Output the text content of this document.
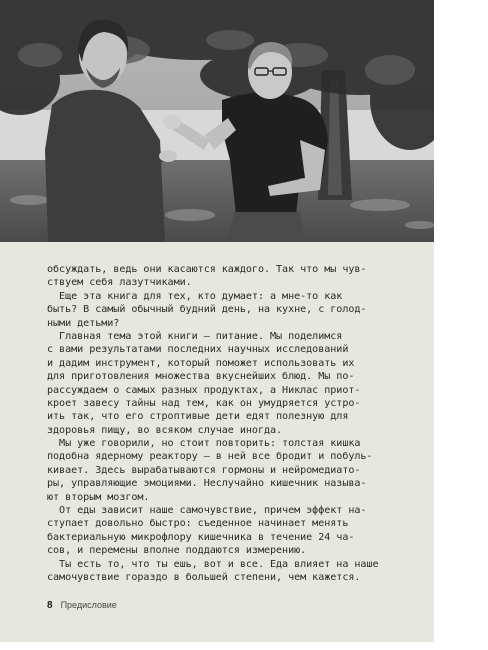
обсуждать, ведь они касаются каждого. Так что мы чув-
ствуем себя лазутчиками.
Еще эта книга для тех, кто думает: а мне-то как
быть? В самый обычный будний день, на кухне, с голод-
ными детьми?
Главная тема этой книги — питание. Мы поделимся
с вами результатами последних научных исследований
и дадим инструмент, который поможет использовать их
для приготовления множества вкуснейших блюд. Мы по-
рассуждаем о самых разных продуктах, а Никлас приот-
кроет завесу тайны над тем, как он умудряется устро-
ить так, что его строптивые дети едят полезную для
здоровья пищу, во всяком случае иногда.
Мы уже говорили, но стоит повторить: толстая кишка
подобна ядерному реактору — в ней все бродит и побуль-
кивает. Здесь вырабатываются гормоны и нейромедиато-
ры, управляющие эмоциями. Неслучайно кишечник называ-
ют вторым мозгом.
От еды зависит наше самочувствие, причем эффект на-
ступает довольно быстро: съеденное начинает менять
бактериальную микрофлору кишечника в течение 24 ча-
сов, и перемены вполне поддаются измерению.
Ты есть то, что ты ешь, вот и все. Еда влияет на наше
самочувствие гораздо в большей степени, чем кажется.
8 Предисловие
